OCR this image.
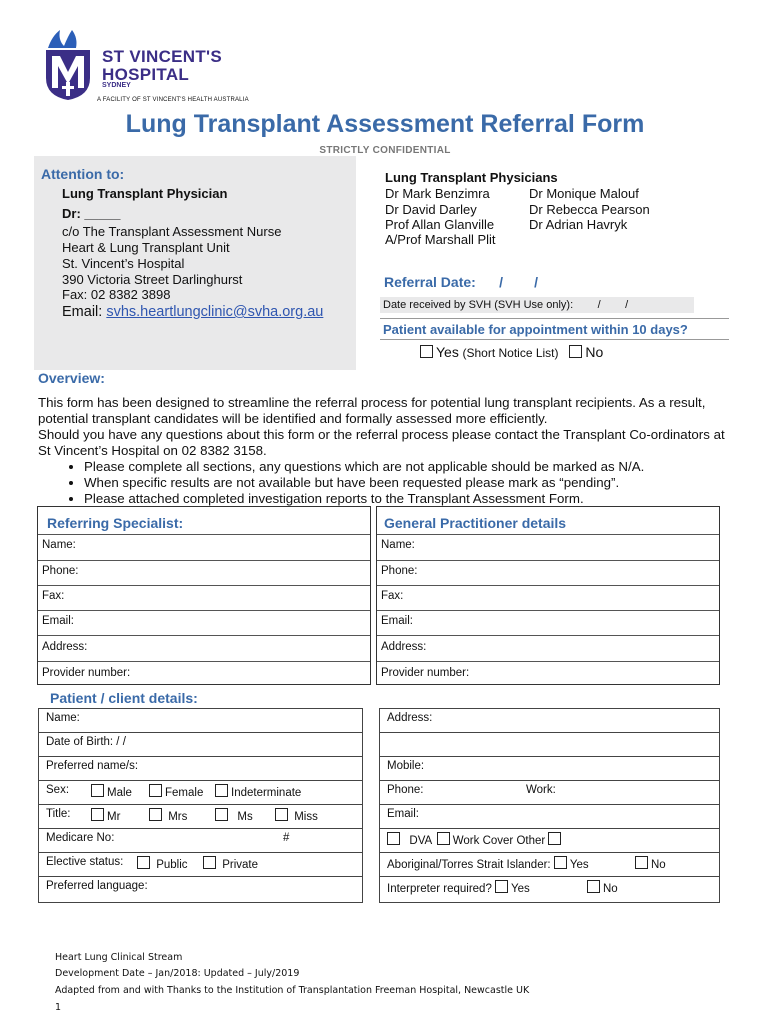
ST VINCENT'S
HOSPITAL
SYDNEY
A FACILITY OF ST VINCENT'S HEALTH AUSTRALIA
Lung Transplant Assessment Referral Form
STRICTLY CONFIDENTIAL
Attention to:
Lung Transplant Physician
Dr: _____
c/o The Transplant Assessment Nurse
Heart & Lung Transplant Unit
St. Vincent’s Hospital
390 Victoria Street Darlinghurst
Fax: 02 8382 3898
Email: svhs.heartlungclinic@svha.org.au
Lung Transplant Physicians
Dr Mark Benzimra
Dr David Darley
Prof Allan Glanville
A/Prof Marshall Plit
Dr Monique Malouf
Dr Rebecca Pearson
Dr Adrian Havryk
Referral Date:      /        /
Date received by SVH (SVH Use only):        /        /
Patient available for appointment within 10 days?
Yes (Short Notice List) No
Overview:
This form has been designed to streamline the referral process for potential lung transplant recipients. As a result, potential transplant candidates will be identified and formally assessed more efficiently.
Should you have any questions about this form or the referral process please contact the Transplant Co-ordinators at St Vincent’s Hospital on 02 8382 3158.
• Please complete all sections, any questions which are not applicable should be marked as N/A.
• When specific results are not available but have been requested please mark as “pending”.
• Please attached completed investigation reports to the Transplant Assessment Form.
Referring Specialist:
Name:
Phone:
Fax:
Email:
Address:
Provider number:
General Practitioner details
Name:
Phone:
Fax:
Email:
Address:
Provider number:
Patient / client details:
Name:
Date of Birth: / /
Preferred name/s:
Sex:	Male	Female	Indeterminate
Title:	Mr	Mrs	Ms	Miss
Medicare No:	#
Elective status:	Public	Private
Preferred language:
Address:
Mobile:
Phone:	Work:
Email:
DVA Work Cover Other
Aboriginal/Torres Strait Islander: Yes	No
Interpreter required? Yes	No
Heart Lung Clinical Stream
Development Date – Jan/2018: Updated – July/2019
Adapted from and with Thanks to the Institution of Transplantation Freeman Hospital, Newcastle UK
1
